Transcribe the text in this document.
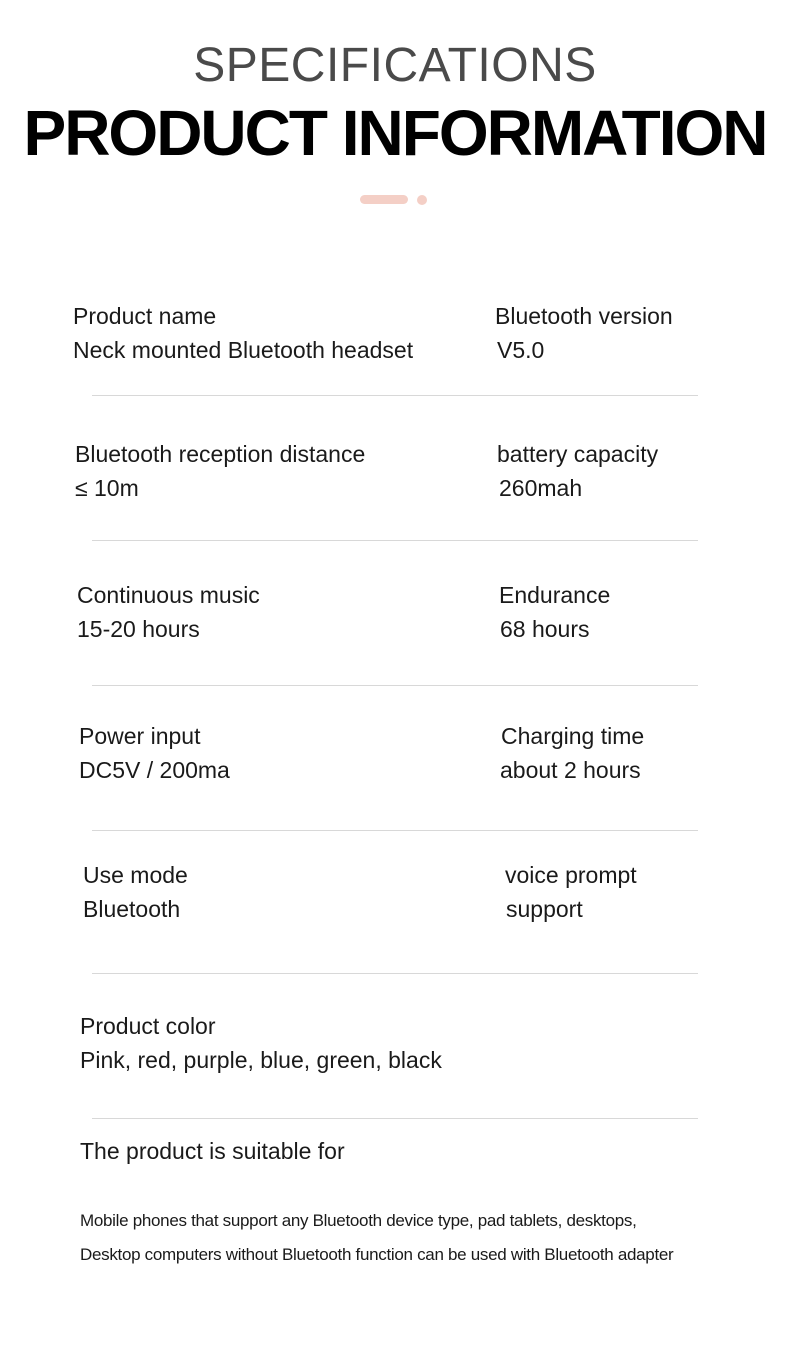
SPECIFICATIONS
PRODUCT INFORMATION
Product name
Neck mounted Bluetooth headset
Bluetooth version
V5.0
Bluetooth reception distance
≤ 10m
battery capacity
260mah
Continuous music
15-20 hours
Endurance
68 hours
Power input
DC5V / 200ma
Charging time
about 2 hours
Use mode
Bluetooth
voice prompt
support
Product color
Pink, red, purple, blue, green, black
The product is suitable for
Mobile phones that support any Bluetooth device type, pad tablets, desktops,
Desktop computers without Bluetooth function can be used with Bluetooth adapter
